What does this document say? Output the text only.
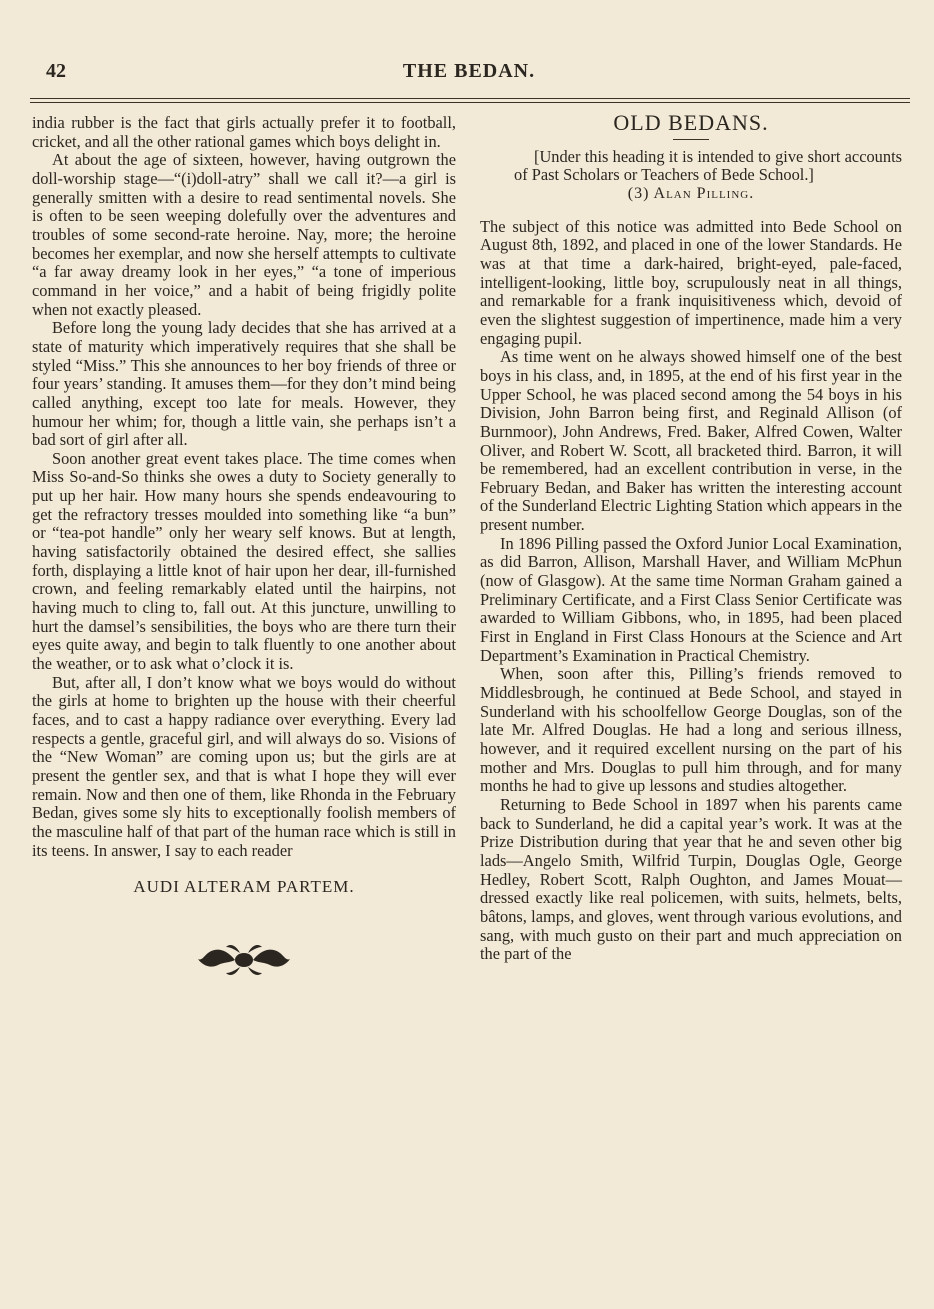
42	THE BEDAN.

india rubber is the fact that girls actually prefer it to football, cricket, and all the other rational games which boys delight in.

At about the age of sixteen, however, having outgrown the doll-worship stage—“(i)doll-atry” shall we call it?—a girl is generally smitten with a desire to read sentimental novels. She is often to be seen weeping dolefully over the adventures and troubles of some second-rate heroine. Nay, more; the heroine becomes her exemplar, and now she herself attempts to cultivate “a far away dreamy look in her eyes,” “a tone of imperious command in her voice,” and a habit of being frigidly polite when not exactly pleased.

Before long the young lady decides that she has arrived at a state of maturity which imperatively requires that she shall be styled “Miss.” This she announces to her boy friends of three or four years’ standing. It amuses them—for they don’t mind being called anything, except too late for meals. However, they humour her whim; for, though a little vain, she perhaps isn’t a bad sort of girl after all.

Soon another great event takes place. The time comes when Miss So-and-So thinks she owes a duty to Society generally to put up her hair. How many hours she spends endeavouring to get the refractory tresses moulded into something like “a bun” or “tea-pot handle” only her weary self knows. But at length, having satisfactorily obtained the desired effect, she sallies forth, displaying a little knot of hair upon her dear, ill-furnished crown, and feeling remarkably elated until the hairpins, not having much to cling to, fall out. At this juncture, unwilling to hurt the damsel’s sensibilities, the boys who are there turn their eyes quite away, and begin to talk fluently to one another about the weather, or to ask what o’clock it is.

But, after all, I don’t know what we boys would do without the girls at home to brighten up the house with their cheerful faces, and to cast a happy radiance over everything. Every lad respects a gentle, graceful girl, and will always do so. Visions of the “New Woman” are coming upon us; but the girls are at present the gentler sex, and that is what I hope they will ever remain. Now and then one of them, like Rhonda in the February Bedan, gives some sly hits to exceptionally foolish members of the masculine half of that part of the human race which is still in its teens. In answer, I say to each reader

AUDI ALTERAM PARTEM.

OLD BEDANS.

[Under this heading it is intended to give short accounts of Past Scholars or Teachers of Bede School.]

(3) Alan Pilling.

The subject of this notice was admitted into Bede School on August 8th, 1892, and placed in one of the lower Standards. He was at that time a dark-haired, bright-eyed, pale-faced, intelligent-looking, little boy, scrupulously neat in all things, and remarkable for a frank inquisitiveness which, devoid of even the slightest suggestion of impertinence, made him a very engaging pupil.

As time went on he always showed himself one of the best boys in his class, and, in 1895, at the end of his first year in the Upper School, he was placed second among the 54 boys in his Division, John Barron being first, and Reginald Allison (of Burnmoor), John Andrews, Fred. Baker, Alfred Cowen, Walter Oliver, and Robert W. Scott, all bracketed third. Barron, it will be remembered, had an excellent contribution in verse, in the February Bedan, and Baker has written the interesting account of the Sunderland Electric Lighting Station which appears in the present number.

In 1896 Pilling passed the Oxford Junior Local Examination, as did Barron, Allison, Marshall Haver, and William McPhun (now of Glasgow). At the same time Norman Graham gained a Preliminary Certificate, and a First Class Senior Certificate was awarded to William Gibbons, who, in 1895, had been placed First in England in First Class Honours at the Science and Art Department’s Examination in Practical Chemistry.

When, soon after this, Pilling’s friends removed to Middlesbrough, he continued at Bede School, and stayed in Sunderland with his schoolfellow George Douglas, son of the late Mr. Alfred Douglas. He had a long and serious illness, however, and it required excellent nursing on the part of his mother and Mrs. Douglas to pull him through, and for many months he had to give up lessons and studies altogether.

Returning to Bede School in 1897 when his parents came back to Sunderland, he did a capital year’s work. It was at the Prize Distribution during that year that he and seven other big lads—Angelo Smith, Wilfrid Turpin, Douglas Ogle, George Hedley, Robert Scott, Ralph Oughton, and James Mouat—dressed exactly like real policemen, with suits, helmets, belts, bâtons, lamps, and gloves, went through various evolutions, and sang, with much gusto on their part and much appreciation on the part of the
